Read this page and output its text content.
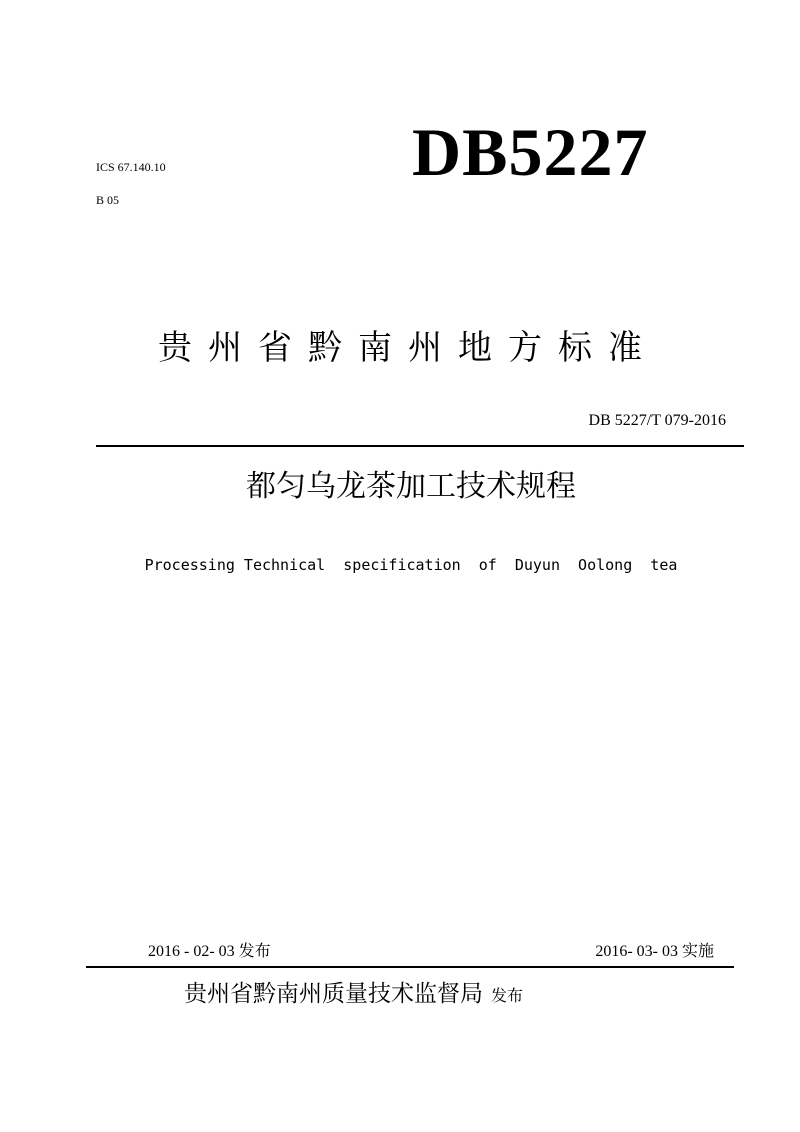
ICS 67.140.10
B 05
DB5227
贵州省黔南州地方标准
DB 5227/T 079-2016
都匀乌龙茶加工技术规程
Processing Technical  specification  of  Duyun  Oolong  tea
2016 - 02- 03 发布	2016- 03- 03 实施
贵州省黔南州质量技术监督局 发布
